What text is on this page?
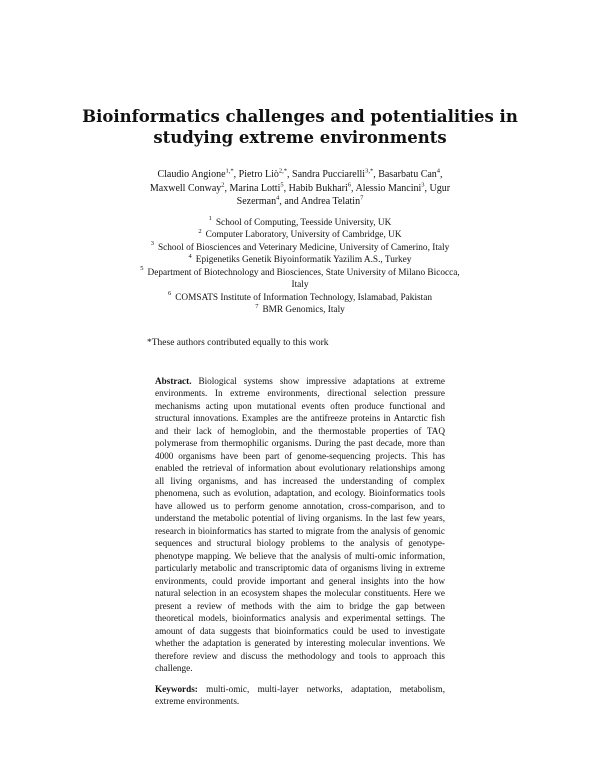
Bioinformatics challenges and potentialities in
studying extreme environments
Claudio Angione$^{1,*}$, Pietro Liò$^{2,*}$, Sandra Pucciarelli$^{3,*}$, Basarbatu Can$^4$, Maxwell Conway$^2$, Marina Lotti$^5$, Habib Bukhari$^6$, Alessio Mancini$^3$, Ugur Sezerman$^4$, and Andrea Telatin$^7$
$^1$ School of Computing, Teesside University, UK
$^2$ Computer Laboratory, University of Cambridge, UK
$^3$ School of Biosciences and Veterinary Medicine, University of Camerino, Italy
$^4$ Epigenetiks Genetik Biyoinformatik Yazilim A.S., Turkey
$^5$ Department of Biotechnology and Biosciences, State University of Milano Bicocca, Italy
$^6$ COMSATS Institute of Information Technology, Islamabad, Pakistan
$^7$ BMR Genomics, Italy
*These authors contributed equally to this work
Abstract. Biological systems show impressive adaptations at extreme environments. In extreme environments, directional selection pressure mechanisms acting upon mutational events often produce functional and structural innovations. Examples are the antifreeze proteins in Antarctic fish and their lack of hemoglobin, and the thermostable properties of TAQ polymerase from thermophilic organisms. During the past decade, more than 4000 organisms have been part of genome-sequencing projects. This has enabled the retrieval of information about evolutionary relationships among all living organisms, and has increased the understanding of complex phenomena, such as evolution, adaptation, and ecology. Bioinformatics tools have allowed us to perform genome annotation, cross-comparison, and to understand the metabolic potential of living organisms. In the last few years, research in bioinformatics has started to migrate from the analysis of genomic sequences and structural biology problems to the analysis of genotype-phenotype mapping. We believe that the analysis of multi-omic information, particularly metabolic and transcriptomic data of organisms living in extreme environments, could provide important and general insights into the how natural selection in an ecosystem shapes the molecular constituents. Here we present a review of methods with the aim to bridge the gap between theoretical models, bioinformatics analysis and experimental settings. The amount of data suggests that bioinformatics could be used to investigate whether the adaptation is generated by interesting molecular inventions. We therefore review and discuss the methodology and tools to approach this challenge.
Keywords: multi-omic, multi-layer networks, adaptation, metabolism, extreme environments.
